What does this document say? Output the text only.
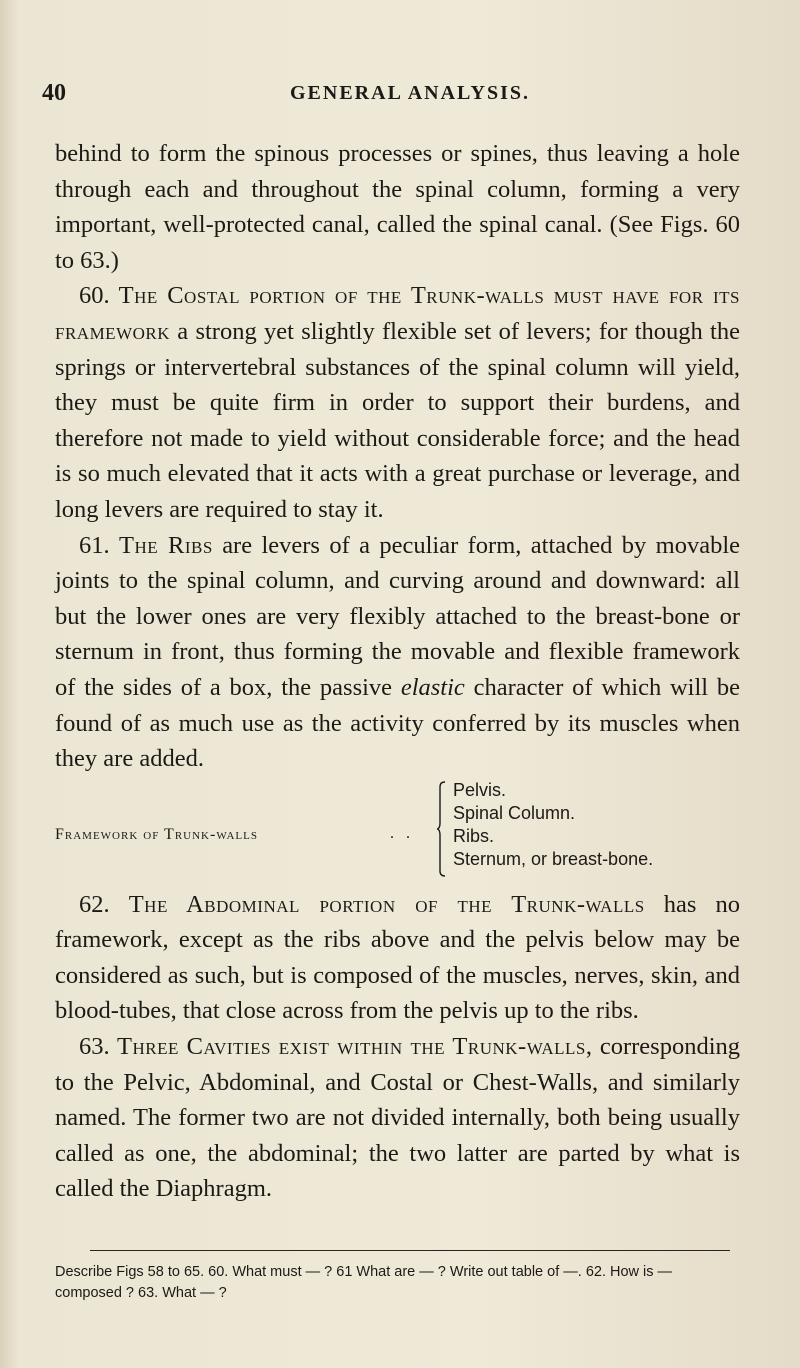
40	GENERAL ANALYSIS.

behind to form the spinous processes or spines, thus leaving a hole through each and throughout the spinal column, forming a very important, well-protected canal, called the spinal canal. (See Figs. 60 to 63.)

60. The Costal portion of the Trunk-walls must have for its framework a strong yet slightly flexible set of levers; for though the springs or intervertebral substances of the spinal column will yield, they must be quite firm in order to support their burdens, and therefore not made to yield without considerable force; and the head is so much elevated that it acts with a great purchase or leverage, and long levers are required to stay it.

61. The Ribs are levers of a peculiar form, attached by movable joints to the spinal column, and curving around and downward: all but the lower ones are very flexibly attached to the breast-bone or sternum in front, thus forming the movable and flexible framework of the sides of a box, the passive elastic character of which will be found of as much use as the activity conferred by its muscles when they are added.

Framework of Trunk-walls	. .
Pelvis.
Spinal Column.
Ribs.
Sternum, or breast-bone.

62. The Abdominal portion of the Trunk-walls has no framework, except as the ribs above and the pelvis below may be considered as such, but is composed of the muscles, nerves, skin, and blood-tubes, that close across from the pelvis up to the ribs.

63. Three Cavities exist within the Trunk-walls, corresponding to the Pelvic, Abdominal, and Costal or Chest-Walls, and similarly named. The former two are not divided internally, both being usually called as one, the abdominal; the two latter are parted by what is called the Diaphragm.

Describe Figs 58 to 65. 60. What must — ? 61 What are — ? Write out table of —. 62. How is — composed ? 63. What — ?
